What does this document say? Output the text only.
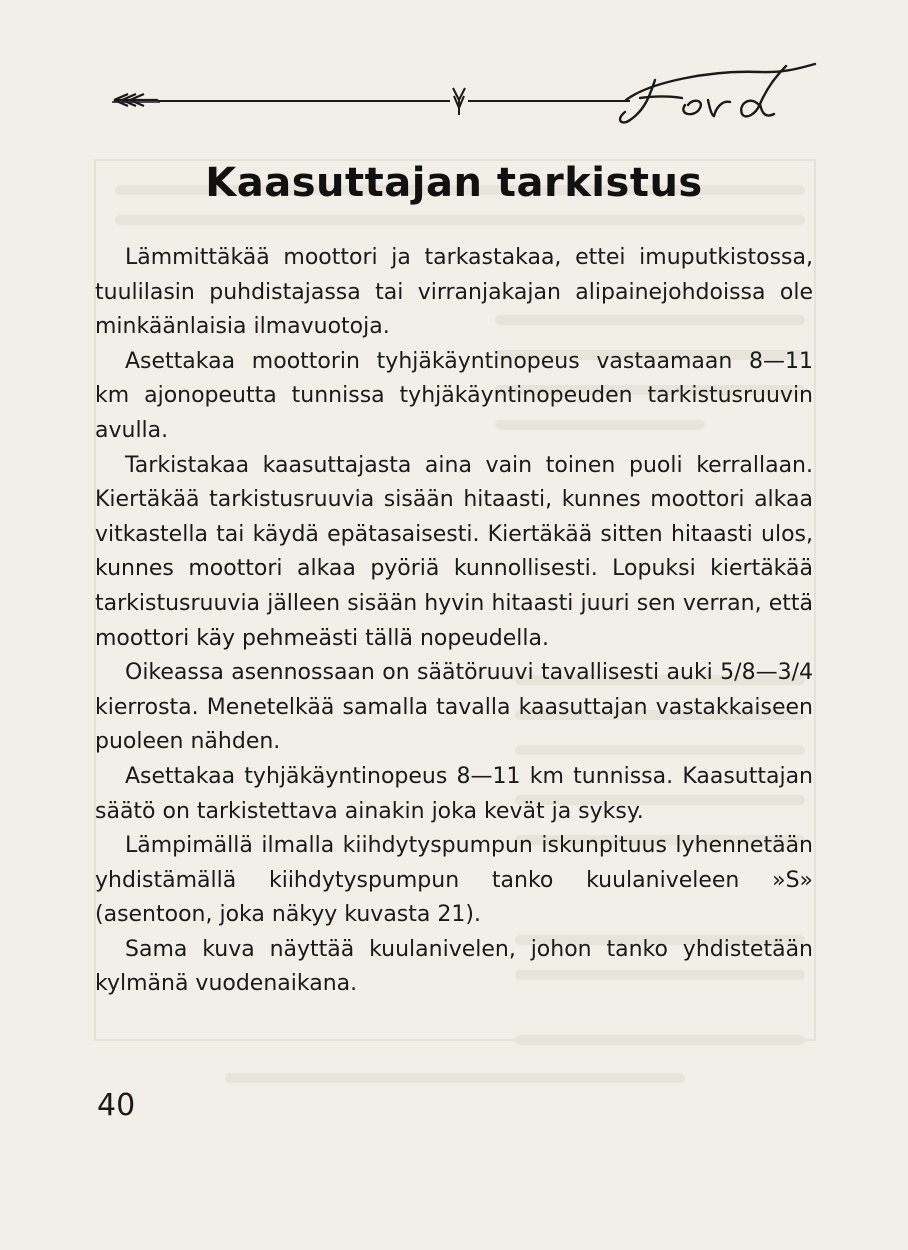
Kaasuttajan tarkistus

Lämmittäkää moottori ja tarkastakaa, ettei imuputkistossa, tuulilasin puhdistajassa tai virranjakajan alipainejohdoissa ole minkäänlaisia ilmavuotoja.

Asettakaa moottorin tyhjäkäyntinopeus vastaamaan 8—11 km ajonopeutta tunnissa tyhjäkäyntinopeuden tarkistusruuvin avulla.

Tarkistakaa kaasuttajasta aina vain toinen puoli kerrallaan. Kiertäkää tarkistusruuvia sisään hitaasti, kunnes moottori alkaa vitkastella tai käydä epätasaisesti. Kiertäkää sitten hitaasti ulos, kunnes moottori alkaa pyöriä kunnollisesti. Lopuksi kiertäkää tarkistusruuvia jälleen sisään hyvin hitaasti juuri sen verran, että moottori käy pehmeästi tällä nopeudella.

Oikeassa asennossaan on säätöruuvi tavallisesti auki 5/8—3/4 kierrosta. Menetelkää samalla tavalla kaasuttajan vastakkaiseen puoleen nähden.

Asettakaa tyhjäkäyntinopeus 8—11 km tunnissa. Kaasuttajan säätö on tarkistettava ainakin joka kevät ja syksy.

Lämpimällä ilmalla kiihdytyspumpun iskunpituus lyhennetään yhdistämällä kiihdytyspumpun tanko kuulaniveleen »S» (asentoon, joka näkyy kuvasta 21).

Sama kuva näyttää kuulanivelen, johon tanko yhdistetään kylmänä vuodenaikana.

40
